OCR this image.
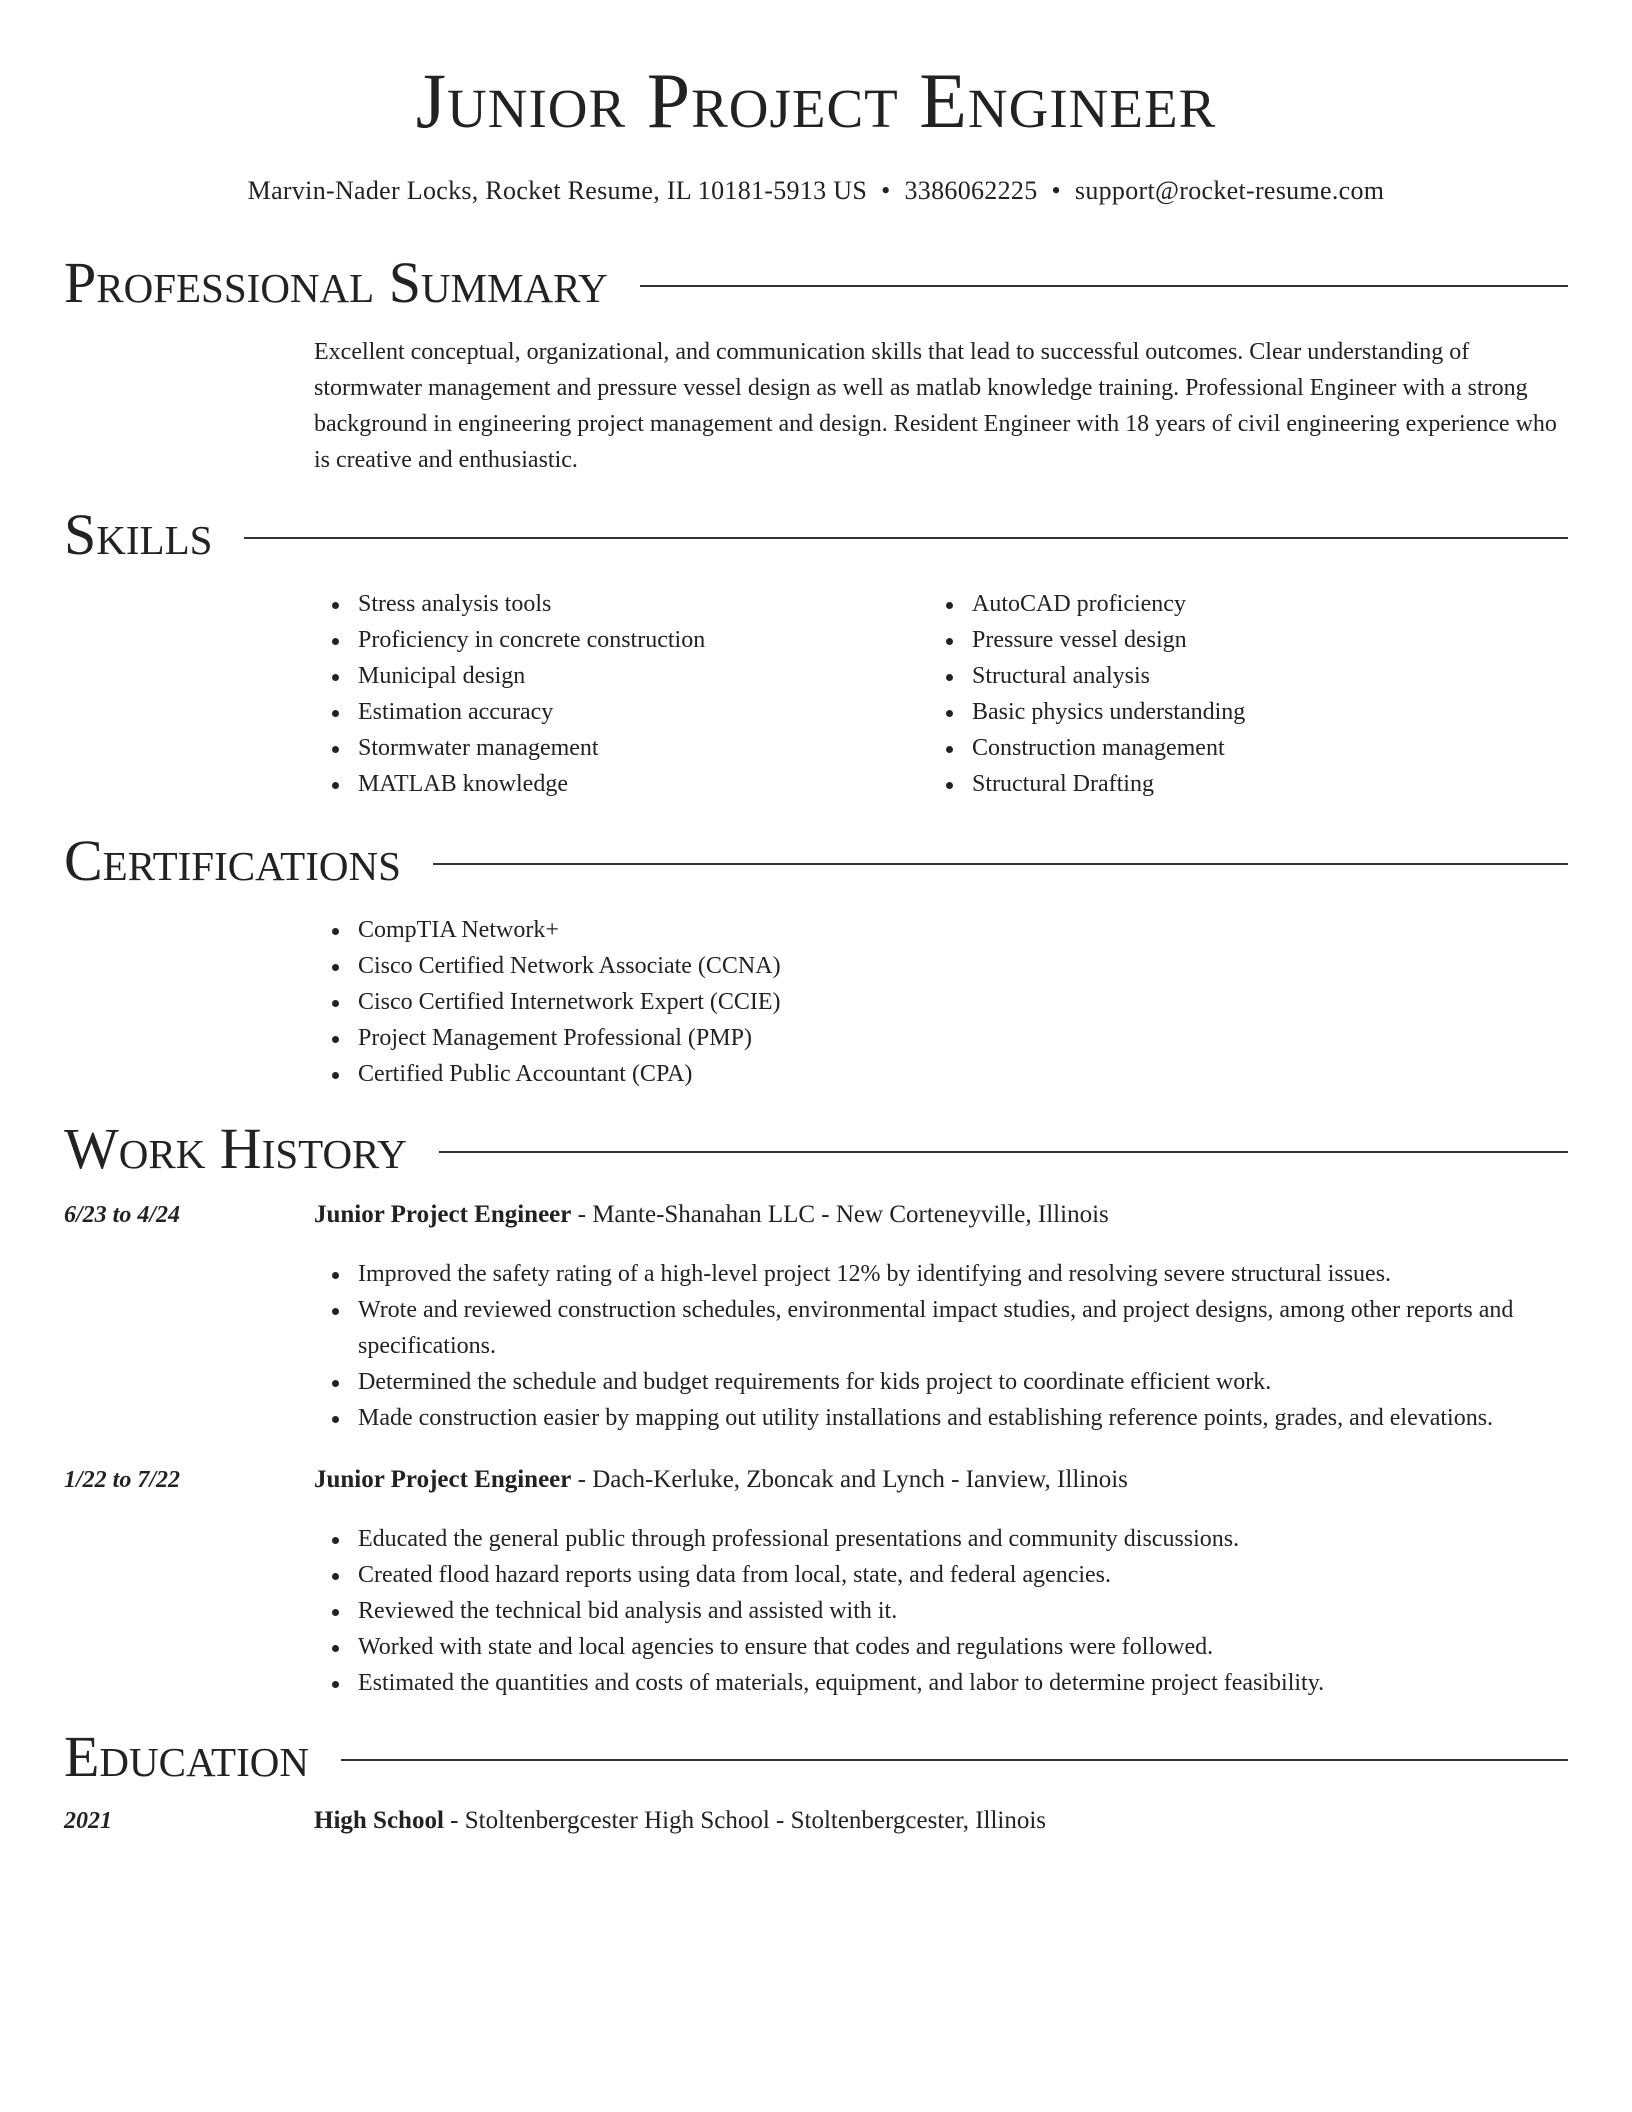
Junior Project Engineer
Marvin-Nader Locks, Rocket Resume, IL 10181-5913 US • 3386062225 • support@rocket-resume.com
Professional Summary
Excellent conceptual, organizational, and communication skills that lead to successful outcomes. Clear understanding of stormwater management and pressure vessel design as well as matlab knowledge training. Professional Engineer with a strong background in engineering project management and design. Resident Engineer with 18 years of civil engineering experience who is creative and enthusiastic.
Skills
Stress analysis tools
Proficiency in concrete construction
Municipal design
Estimation accuracy
Stormwater management
MATLAB knowledge
AutoCAD proficiency
Pressure vessel design
Structural analysis
Basic physics understanding
Construction management
Structural Drafting
Certifications
CompTIA Network+
Cisco Certified Network Associate (CCNA)
Cisco Certified Internetwork Expert (CCIE)
Project Management Professional (PMP)
Certified Public Accountant (CPA)
Work History
6/23 to 4/24	Junior Project Engineer - Mante-Shanahan LLC - New Corteneyville, Illinois
Improved the safety rating of a high-level project 12% by identifying and resolving severe structural issues.
Wrote and reviewed construction schedules, environmental impact studies, and project designs, among other reports and specifications.
Determined the schedule and budget requirements for kids project to coordinate efficient work.
Made construction easier by mapping out utility installations and establishing reference points, grades, and elevations.
1/22 to 7/22	Junior Project Engineer - Dach-Kerluke, Zboncak and Lynch - Ianview, Illinois
Educated the general public through professional presentations and community discussions.
Created flood hazard reports using data from local, state, and federal agencies.
Reviewed the technical bid analysis and assisted with it.
Worked with state and local agencies to ensure that codes and regulations were followed.
Estimated the quantities and costs of materials, equipment, and labor to determine project feasibility.
Education
2021	High School - Stoltenbergcester High School - Stoltenbergcester, Illinois
